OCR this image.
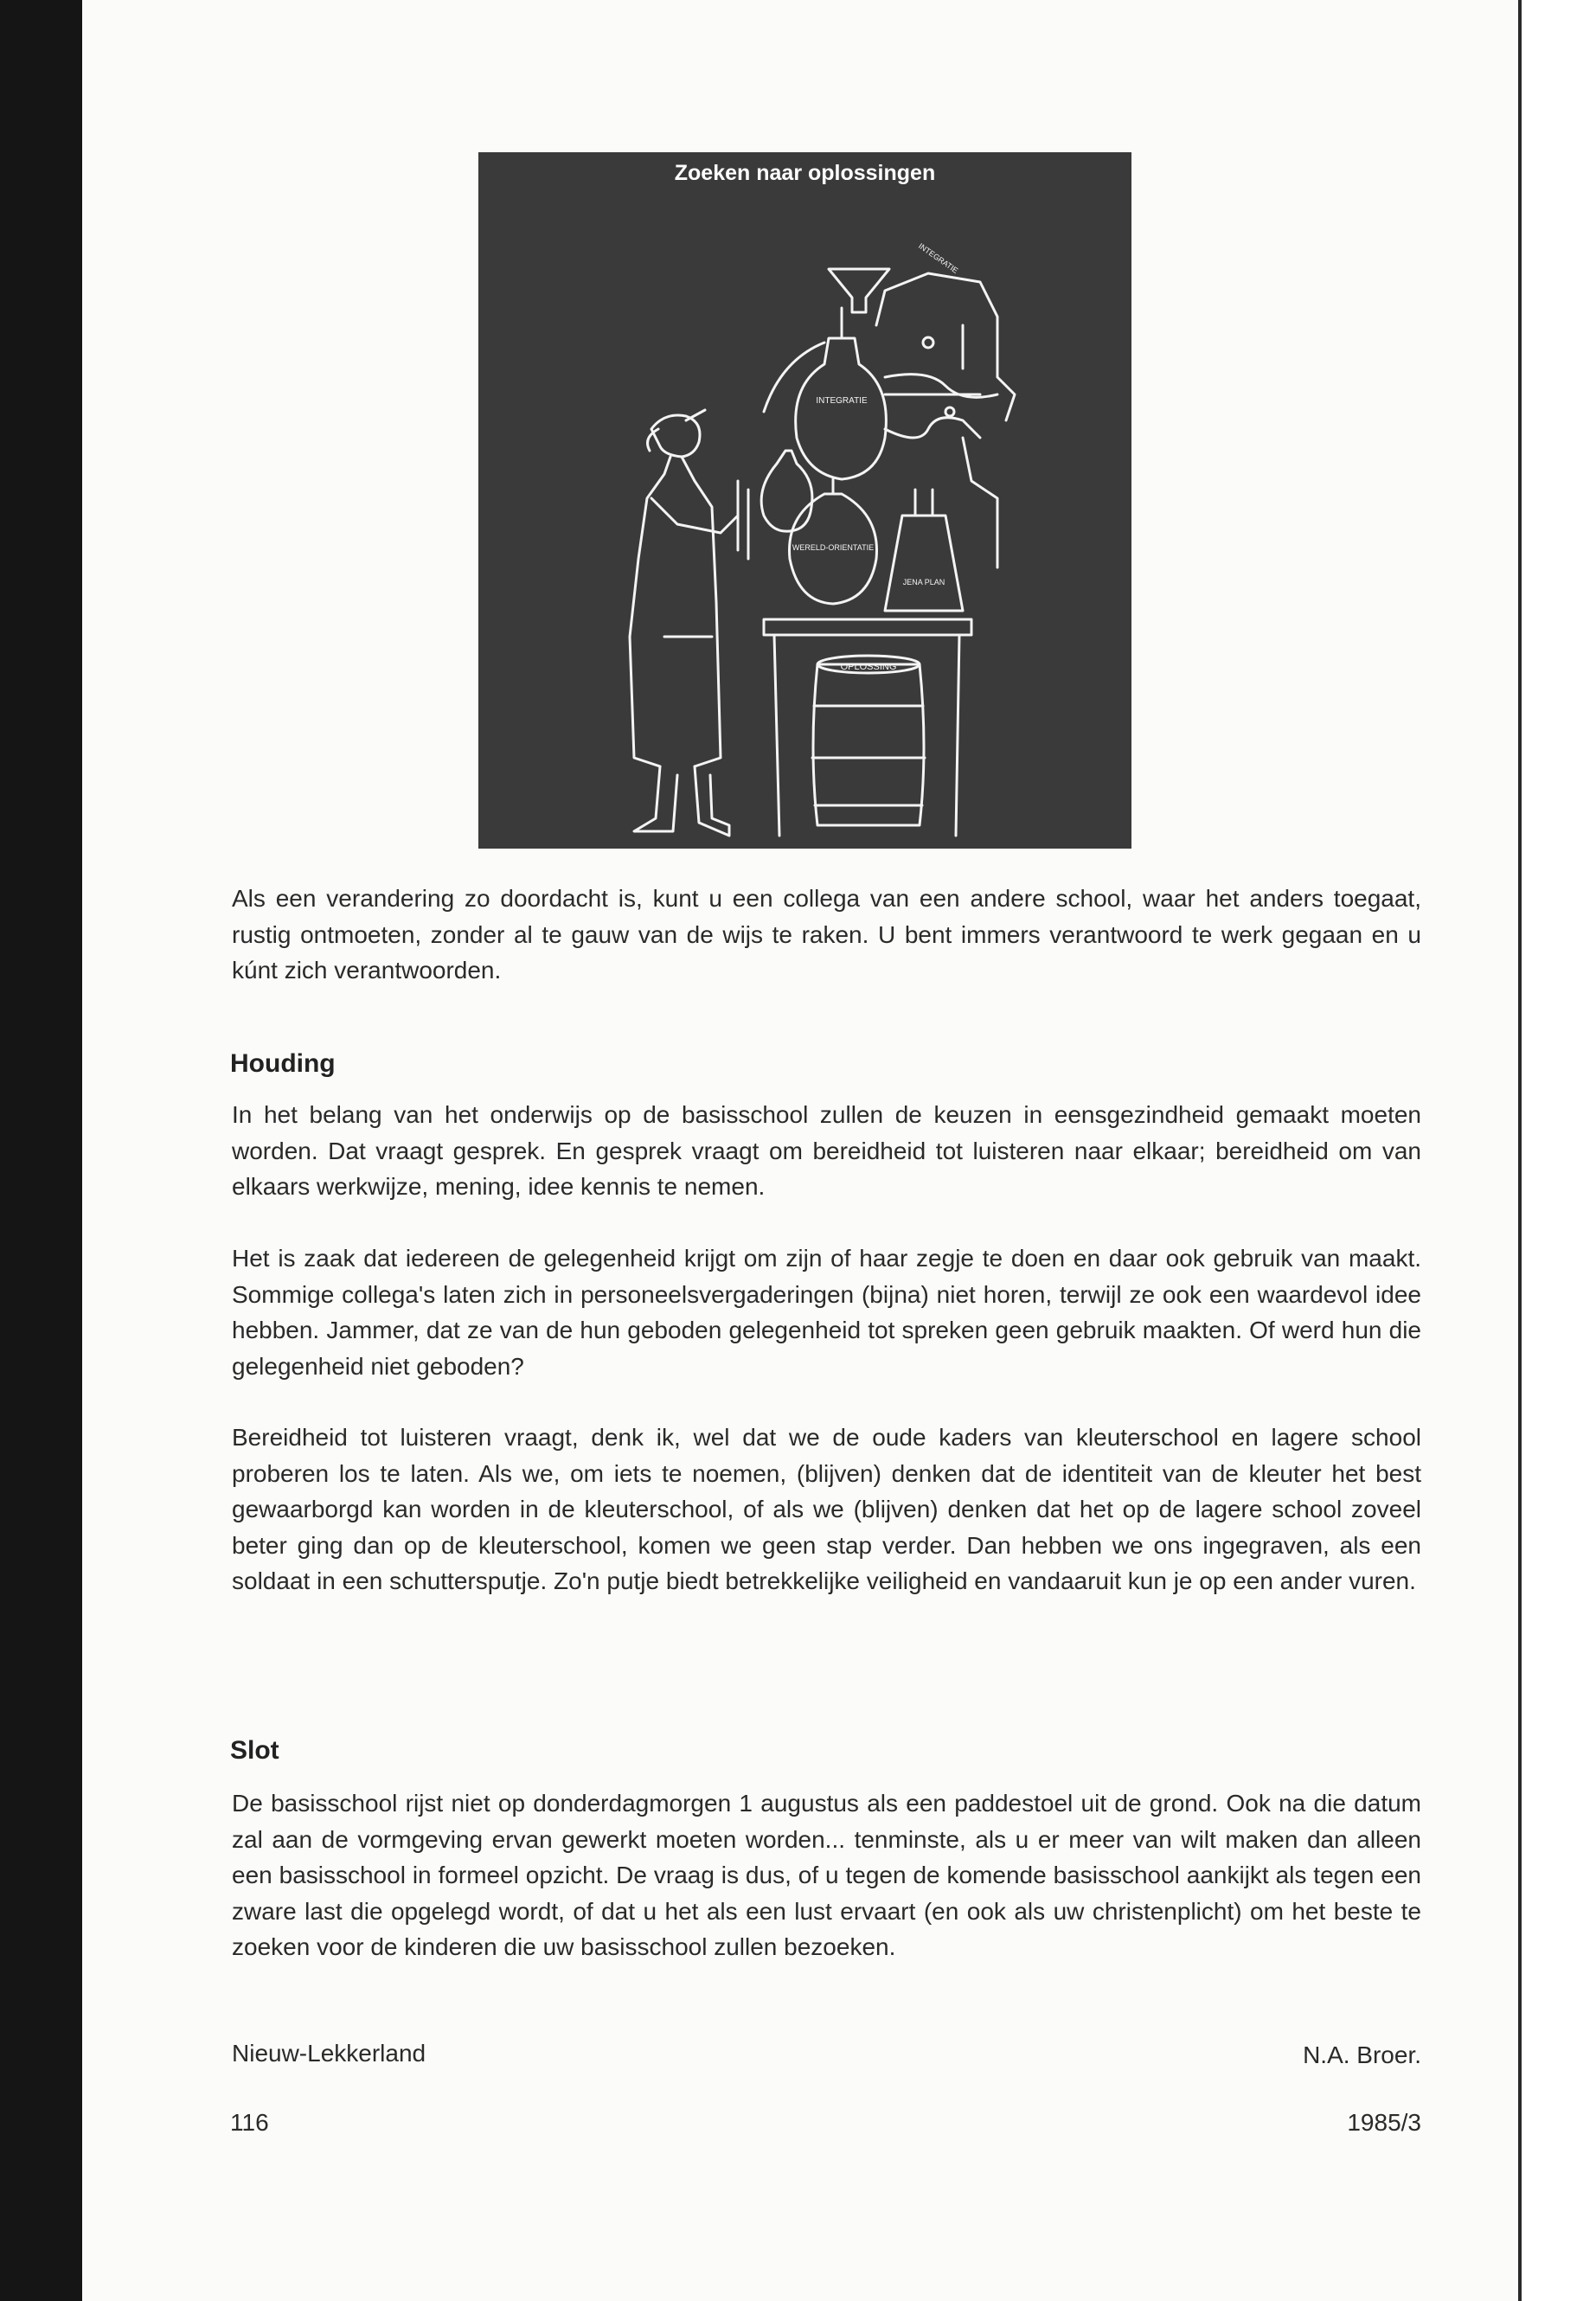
Zoeken naar oplossingen
OPLOSSING
INTEGRATIE
WERELD-ORIENTATIE
JENA PLAN
INTEGRATIE

Als een verandering zo doordacht is, kunt u een collega van een andere school, waar het anders toegaat, rustig ontmoeten, zonder al te gauw van de wijs te raken. U bent immers verantwoord te werk gegaan en u kúnt zich verantwoorden.

Houding

In het belang van het onderwijs op de basisschool zullen de keuzen in eensgezindheid gemaakt moeten worden. Dat vraagt gesprek. En gesprek vraagt om bereidheid tot luisteren naar elkaar; bereidheid om van elkaars werkwijze, mening, idee kennis te nemen.

Het is zaak dat iedereen de gelegenheid krijgt om zijn of haar zegje te doen en daar ook gebruik van maakt. Sommige collega's laten zich in personeelsvergaderingen (bijna) niet horen, terwijl ze ook een waardevol idee hebben. Jammer, dat ze van de hun geboden gelegenheid tot spreken geen gebruik maakten. Of werd hun die gelegenheid niet geboden?

Bereidheid tot luisteren vraagt, denk ik, wel dat we de oude kaders van kleuterschool en lagere school proberen los te laten. Als we, om iets te noemen, (blijven) denken dat de identiteit van de kleuter het best gewaarborgd kan worden in de kleuterschool, of als we (blijven) denken dat het op de lagere school zoveel beter ging dan op de kleuterschool, komen we geen stap verder. Dan hebben we ons ingegraven, als een soldaat in een schuttersputje. Zo'n putje biedt betrekkelijke veiligheid en vandaaruit kun je op een ander vuren.

Slot

De basisschool rijst niet op donderdagmorgen 1 augustus als een paddestoel uit de grond. Ook na die datum zal aan de vormgeving ervan gewerkt moeten worden... tenminste, als u er meer van wilt maken dan alleen een basisschool in formeel opzicht. De vraag is dus, of u tegen de komende basisschool aankijkt als tegen een zware last die opgelegd wordt, of dat u het als een lust ervaart (en ook als uw christenplicht) om het beste te zoeken voor de kinderen die uw basisschool zullen bezoeken.

Nieuw-Lekkerland	N.A. Broer.
116	1985/3
